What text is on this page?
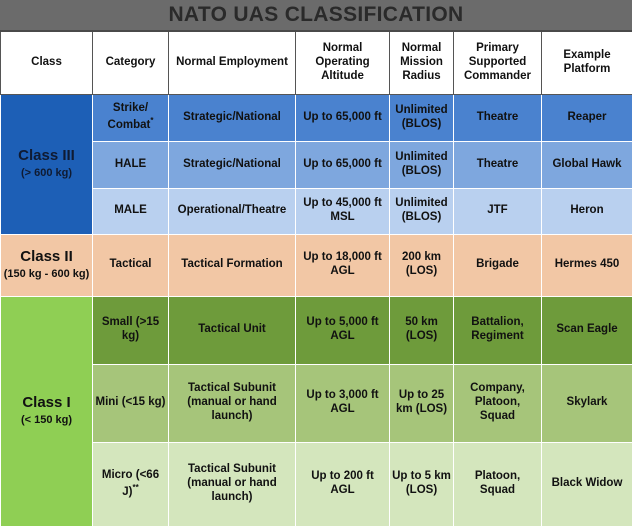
NATO UAS CLASSIFICATION
Class	Category	Normal Employment	Normal Operating Altitude	Normal Mission Radius	Primary Supported Commander	Example Platform
Class III
(> 600 kg)	Strike/ Combat*	Strategic/National	Up to 65,000 ft	Unlimited (BLOS)	Theatre	Reaper
	HALE	Strategic/National	Up to 65,000 ft	Unlimited (BLOS)	Theatre	Global Hawk
	MALE	Operational/Theatre	Up to 45,000 ft MSL	Unlimited (BLOS)	JTF	Heron
Class II
(150 kg - 600 kg)	Tactical	Tactical Formation	Up to 18,000 ft AGL	200 km (LOS)	Brigade	Hermes 450
Class I
(< 150 kg)	Small (>15 kg)	Tactical Unit	Up to 5,000 ft AGL	50 km (LOS)	Battalion, Regiment	Scan Eagle
	Mini (<15 kg)	Tactical Subunit (manual or hand launch)	Up to 3,000 ft AGL	Up to 25 km (LOS)	Company, Platoon, Squad	Skylark
	Micro (<66 J)**	Tactical Subunit (manual or hand launch)	Up to 200 ft AGL	Up to 5 km (LOS)	Platoon, Squad	Black Widow
